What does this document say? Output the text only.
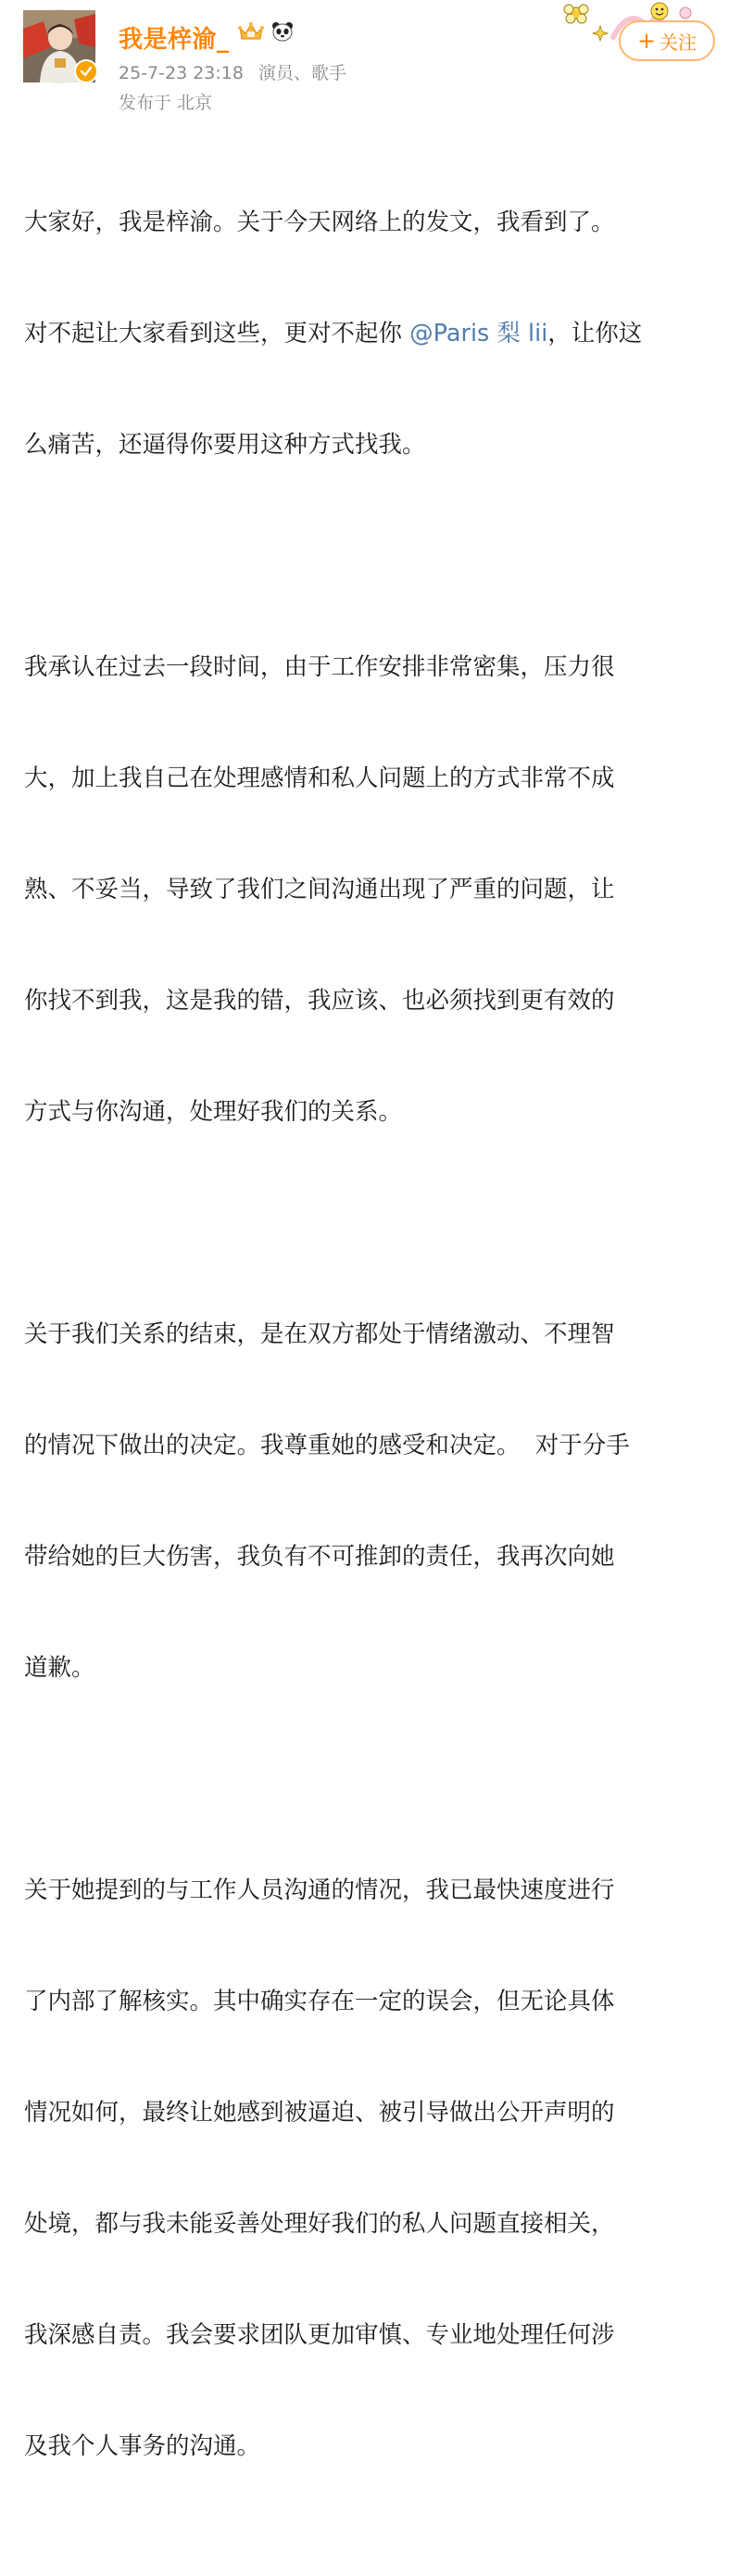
我是梓渝_
25-7-23 23:18 演员、歌手
发布于 北京
+ 关注

大家好，我是梓渝。关于今天网络上的发文，我看到了。

对不起让大家看到这些，更对不起你 @Paris 梨 lii，让你这

么痛苦，还逼得你要用这种方式找我。

我承认在过去一段时间，由于工作安排非常密集，压力很

大，加上我自己在处理感情和私人问题上的方式非常不成

熟、不妥当，导致了我们之间沟通出现了严重的问题，让

你找不到我，这是我的错，我应该、也必须找到更有效的

方式与你沟通，处理好我们的关系。

关于我们关系的结束，是在双方都处于情绪激动、不理智

的情况下做出的决定。我尊重她的感受和决定。  对于分手

带给她的巨大伤害，我负有不可推卸的责任，我再次向她

道歉。

关于她提到的与工作人员沟通的情况，我已最快速度进行

了内部了解核实。其中确实存在一定的误会，但无论具体

情况如何，最终让她感到被逼迫、被引导做出公开声明的

处境，都与我未能妥善处理好我们的私人问题直接相关，

我深感自责。我会要求团队更加审慎、专业地处理任何涉

及我个人事务的沟通。
